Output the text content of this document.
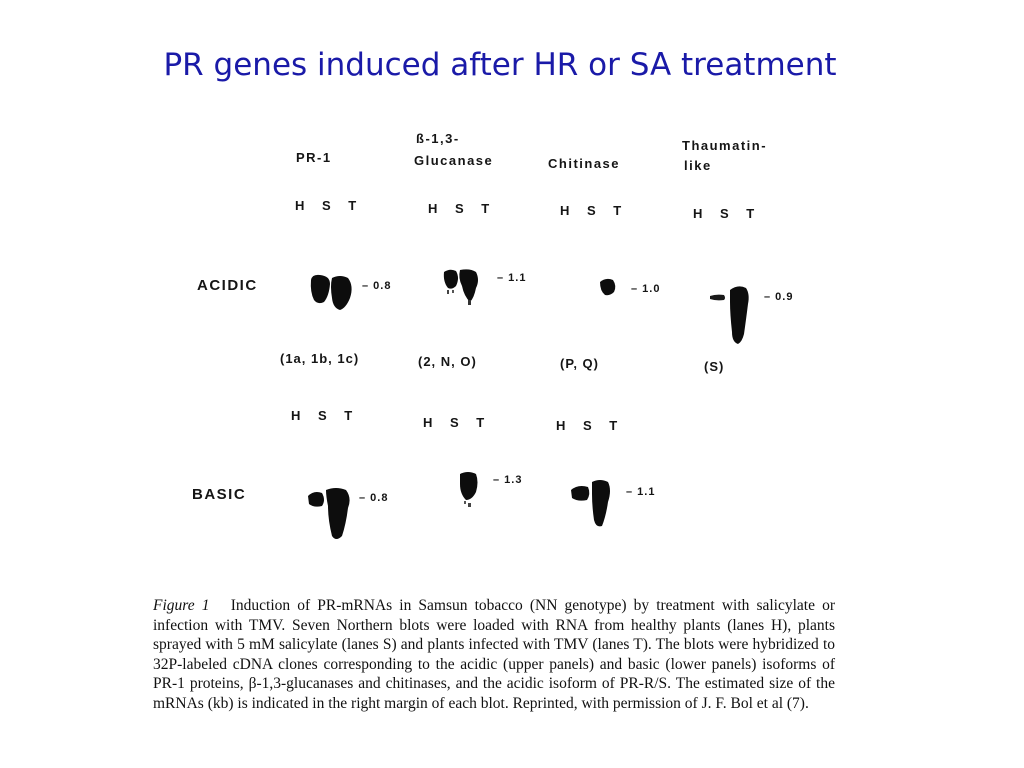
PR genes induced after HR or SA treatment
PR-1
ß-1,3-
Glucanase	Chitinase
Thaumatin-
like
H S T	H S T	H S T	H S T
ACIDIC	– 0.8
– 1.1
– 1.0
– 0.9
(1a, 1b, 1c)	(2, N, O)	(P, Q)	(S)
H S T	H S T	H S T
BASIC	– 0.8
– 1.3
– 1.1
Figure 1 Induction of PR-mRNAs in Samsun tobacco (NN genotype) by treatment with salicylate or infection with TMV. Seven Northern blots were loaded with RNA from healthy plants (lanes H), plants sprayed with 5 mM salicylate (lanes S) and plants infected with TMV (lanes T). The blots were hybridized to 32P-labeled cDNA clones corresponding to the acidic (upper panels) and basic (lower panels) isoforms of PR-1 proteins, β-1,3-glucanases and chitinases, and the acidic isoform of PR-R/S. The estimated size of the mRNAs (kb) is indicated in the right margin of each blot. Reprinted, with permission of J. F. Bol et al (7).
